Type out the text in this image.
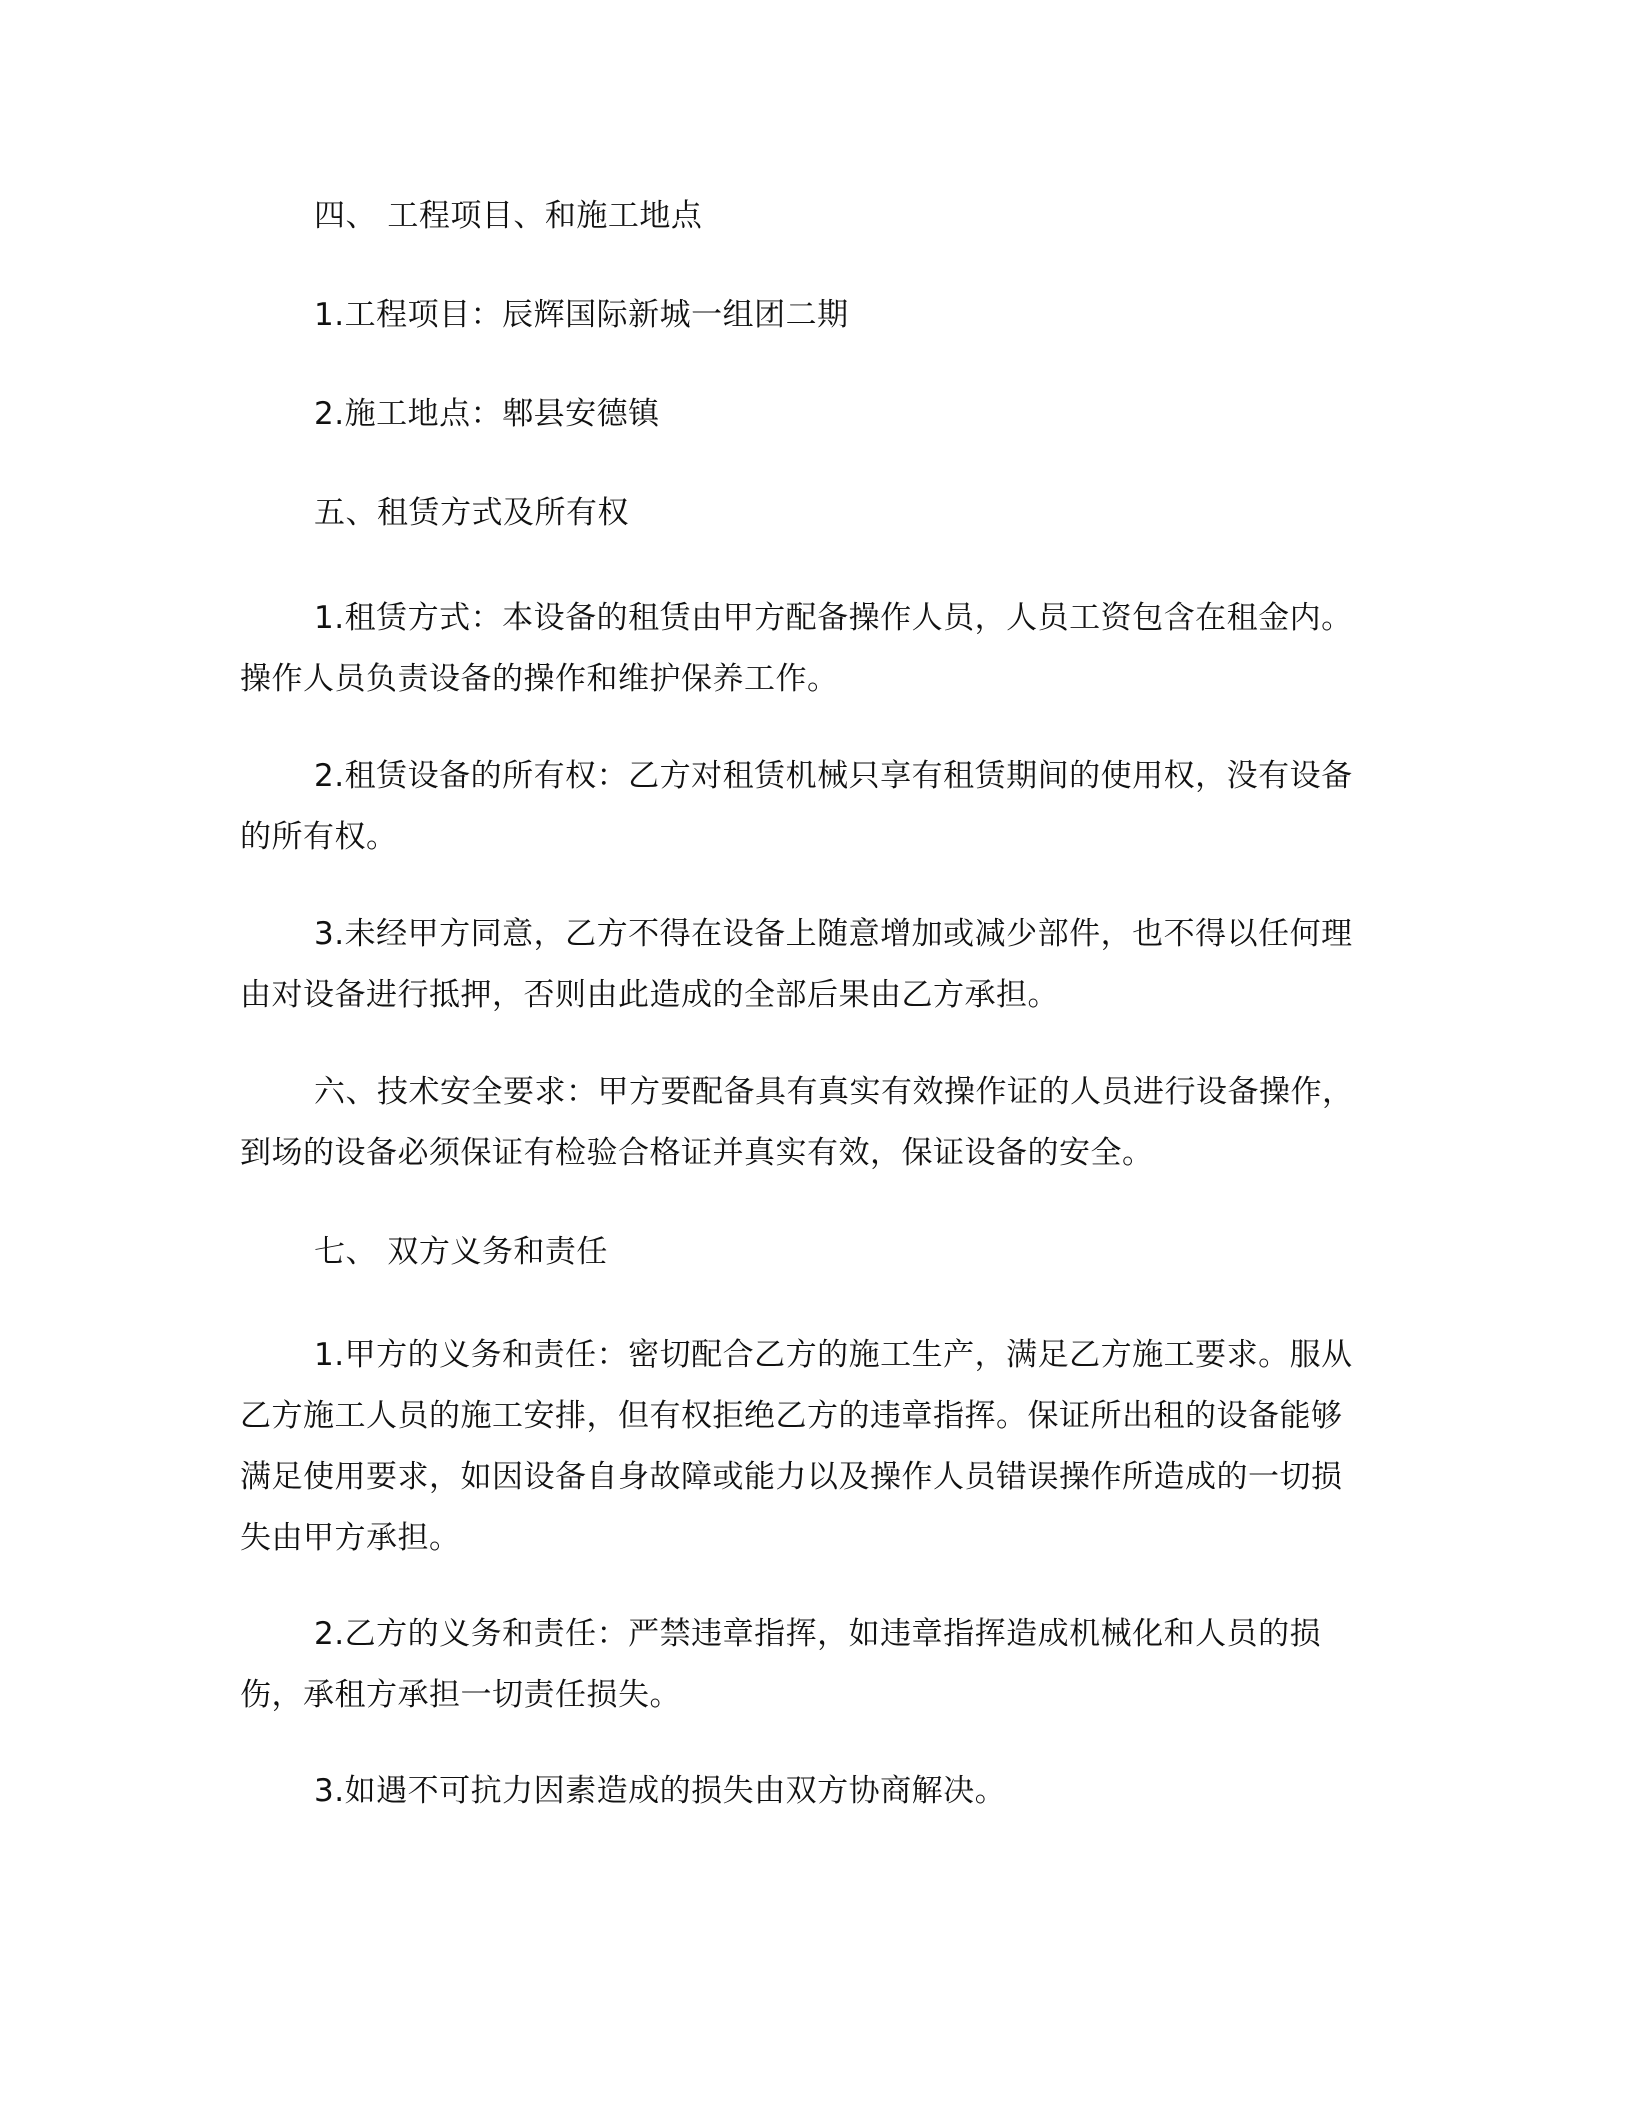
四、 工程项目、和施工地点

1.工程项目：辰辉国际新城一组团二期

2.施工地点：郫县安德镇

五、租赁方式及所有权

1.租赁方式：本设备的租赁由甲方配备操作人员，人员工资包含在租金内。操作人员负责设备的操作和维护保养工作。

2.租赁设备的所有权：乙方对租赁机械只享有租赁期间的使用权，没有设备的所有权。

3.未经甲方同意，乙方不得在设备上随意增加或减少部件，也不得以任何理由对设备进行抵押，否则由此造成的全部后果由乙方承担。

六、技术安全要求：甲方要配备具有真实有效操作证的人员进行设备操作，到场的设备必须保证有检验合格证并真实有效，保证设备的安全。

七、 双方义务和责任

1.甲方的义务和责任：密切配合乙方的施工生产，满足乙方施工要求。服从乙方施工人员的施工安排，但有权拒绝乙方的违章指挥。保证所出租的设备能够满足使用要求，如因设备自身故障或能力以及操作人员错误操作所造成的一切损失由甲方承担。

2.乙方的义务和责任：严禁违章指挥，如违章指挥造成机械化和人员的损伤，承租方承担一切责任损失。

3.如遇不可抗力因素造成的损失由双方协商解决。
